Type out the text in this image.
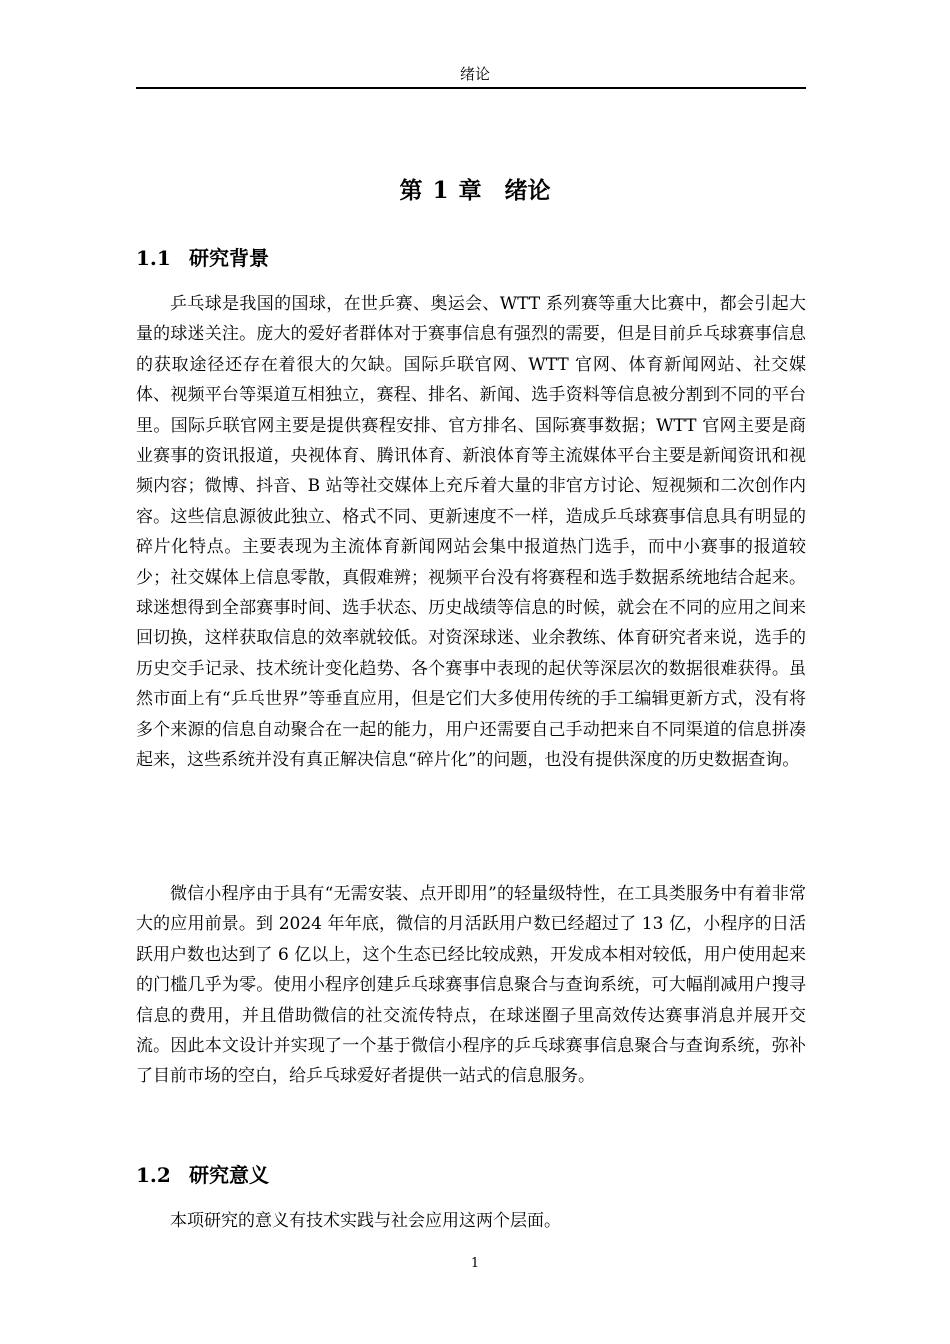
绪论
第 1 章　绪论
1.1 研究背景

乒乓球是我国的国球，在世乒赛、奥运会、WTT 系列赛等重大比赛中，都会引起大量的球迷关注。庞大的爱好者群体对于赛事信息有强烈的需要，但是目前乒乓球赛事信息的获取途径还存在着很大的欠缺。国际乒联官网、WTT 官网、体育新闻网站、社交媒体、视频平台等渠道互相独立，赛程、排名、新闻、选手资料等信息被分割到不同的平台里。国际乒联官网主要是提供赛程安排、官方排名、国际赛事数据；WTT 官网主要是商业赛事的资讯报道，央视体育、腾讯体育、新浪体育等主流媒体平台主要是新闻资讯和视频内容；微博、抖音、B 站等社交媒体上充斥着大量的非官方讨论、短视频和二次创作内容。这些信息源彼此独立、格式不同、更新速度不一样，造成乒乓球赛事信息具有明显的碎片化特点。主要表现为主流体育新闻网站会集中报道热门选手，而中小赛事的报道较少；社交媒体上信息零散，真假难辨；视频平台没有将赛程和选手数据系统地结合起来。球迷想得到全部赛事时间、选手状态、历史战绩等信息的时候，就会在不同的应用之间来回切换，这样获取信息的效率就较低。对资深球迷、业余教练、体育研究者来说，选手的历史交手记录、技术统计变化趋势、各个赛事中表现的起伏等深层次的数据很难获得。虽然市面上有“乒乓世界”等垂直应用，但是它们大多使用传统的手工编辑更新方式，没有将多个来源的信息自动聚合在一起的能力，用户还需要自己手动把来自不同渠道的信息拼凑起来，这些系统并没有真正解决信息“碎片化”的问题，也没有提供深度的历史数据查询。

微信小程序由于具有“无需安装、点开即用”的轻量级特性，在工具类服务中有着非常大的应用前景。到 2024 年年底，微信的月活跃用户数已经超过了 13 亿，小程序的日活跃用户数也达到了 6 亿以上，这个生态已经比较成熟，开发成本相对较低，用户使用起来的门槛几乎为零。使用小程序创建乒乓球赛事信息聚合与查询系统，可大幅削减用户搜寻信息的费用，并且借助微信的社交流传特点，在球迷圈子里高效传达赛事消息并展开交流。因此本文设计并实现了一个基于微信小程序的乒乓球赛事信息聚合与查询系统，弥补了目前市场的空白，给乒乓球爱好者提供一站式的信息服务。

1.2 研究意义

本项研究的意义有技术实践与社会应用这两个层面。

1
